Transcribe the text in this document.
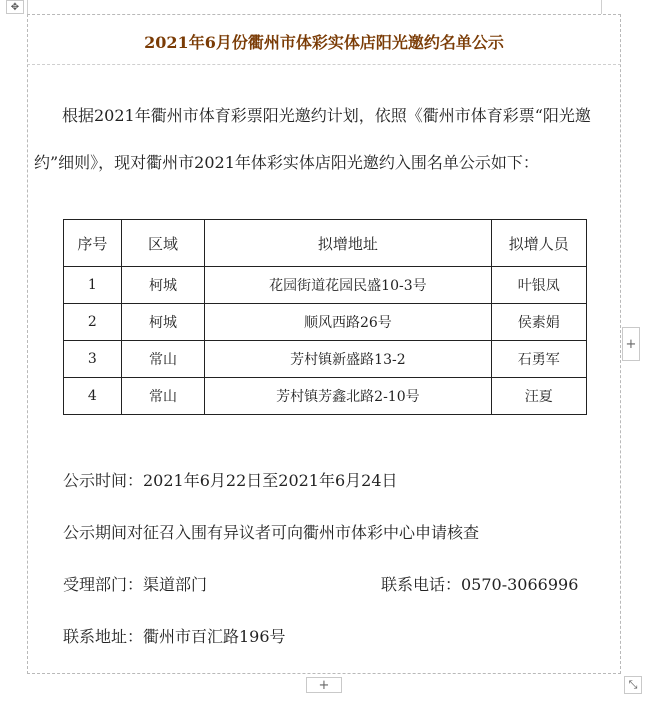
✥
2021年6月份衢州市体彩实体店阳光邀约名单公示
根据2021年衢州市体育彩票阳光邀约计划，依照《衢州市体育彩票“阳光邀约”细则》，现对衢州市2021年体彩实体店阳光邀约入围名单公示如下：
序号	区域	拟增地址	拟增人员
1	柯城	花园街道花园民盛10-3号	叶银凤
2	柯城	顺风西路26号	侯素娟
3	常山	芳村镇新盛路13-2	石勇军
4	常山	芳村镇芳鑫北路2-10号	汪夏
公示时间：2021年6月22日至2021年6月24日
公示期间对征召入围有异议者可向衢州市体彩中心申请核查
受理部门：渠道部门	联系电话：0570-3066996
联系地址：衢州市百汇路196号
+
+	⤡
